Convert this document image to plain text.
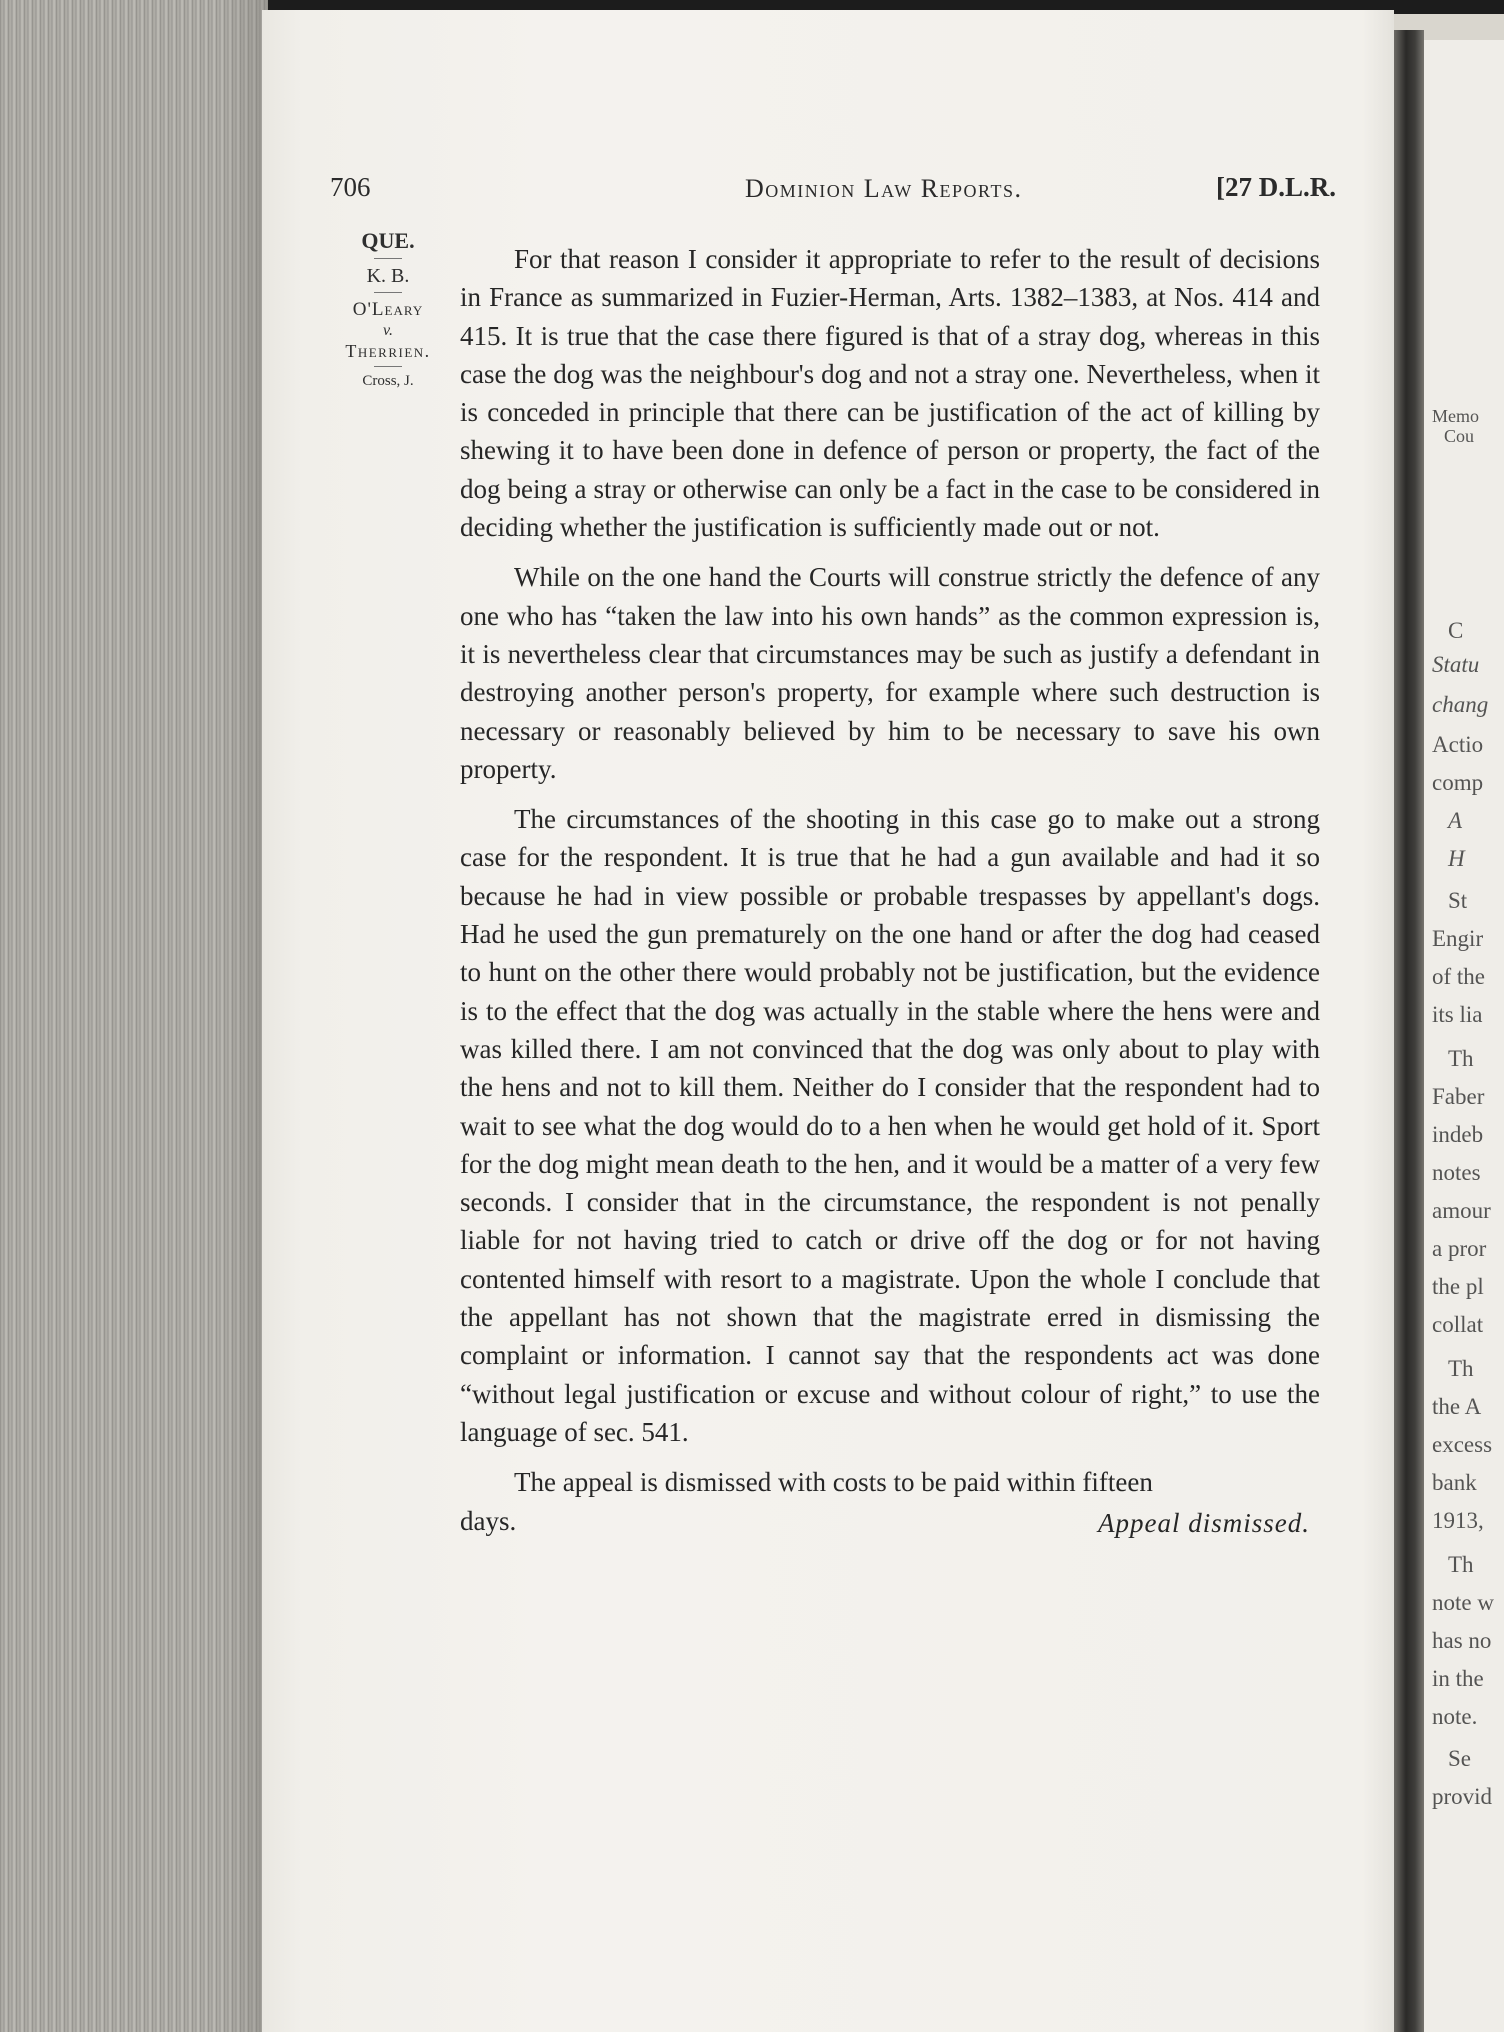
Memo
Cou
C
Statu
chang
Actio
comp
A
H
St
Engir
of the
its lia
Th
Faber
indeb
notes
amour
a pror
the pl
collat
Th
the A
excess
bank
1913,
Th
note w
has no
in the
note.
Se
provid
706	Dominion Law Reports.	[27 D.L.R.
QUE.
K. B.
O'Leary
v.
Therrien.
Cross, J.

For that reason I consider it appropriate to refer to the result of decisions in France as summarized in Fuzier-Herman, Arts. 1382–1383, at Nos. 414 and 415. It is true that the case there figured is that of a stray dog, whereas in this case the dog was the neighbour's dog and not a stray one. Nevertheless, when it is conceded in principle that there can be justification of the act of killing by shewing it to have been done in defence of person or property, the fact of the dog being a stray or otherwise can only be a fact in the case to be considered in deciding whether the justification is sufficiently made out or not.

While on the one hand the Courts will construe strictly the defence of any one who has “taken the law into his own hands” as the common expression is, it is nevertheless clear that circumstances may be such as justify a defendant in destroying another person's property, for example where such destruction is necessary or reasonably believed by him to be necessary to save his own property.

The circumstances of the shooting in this case go to make out a strong case for the respondent. It is true that he had a gun available and had it so because he had in view possible or probable trespasses by appellant's dogs. Had he used the gun prematurely on the one hand or after the dog had ceased to hunt on the other there would probably not be justification, but the evidence is to the effect that the dog was actually in the stable where the hens were and was killed there. I am not convinced that the dog was only about to play with the hens and not to kill them. Neither do I consider that the respondent had to wait to see what the dog would do to a hen when he would get hold of it. Sport for the dog might mean death to the hen, and it would be a matter of a very few seconds. I consider that in the circumstance, the respondent is not penally liable for not having tried to catch or drive off the dog or for not having contented himself with resort to a magistrate. Upon the whole I conclude that the appellant has not shown that the magistrate erred in dismissing the complaint or information. I cannot say that the respondents act was done “without legal justification or excuse and without colour of right,” to use the language of sec. 541.

The appeal is dismissed with costs to be paid within fifteen

days.	Appeal dismissed.
